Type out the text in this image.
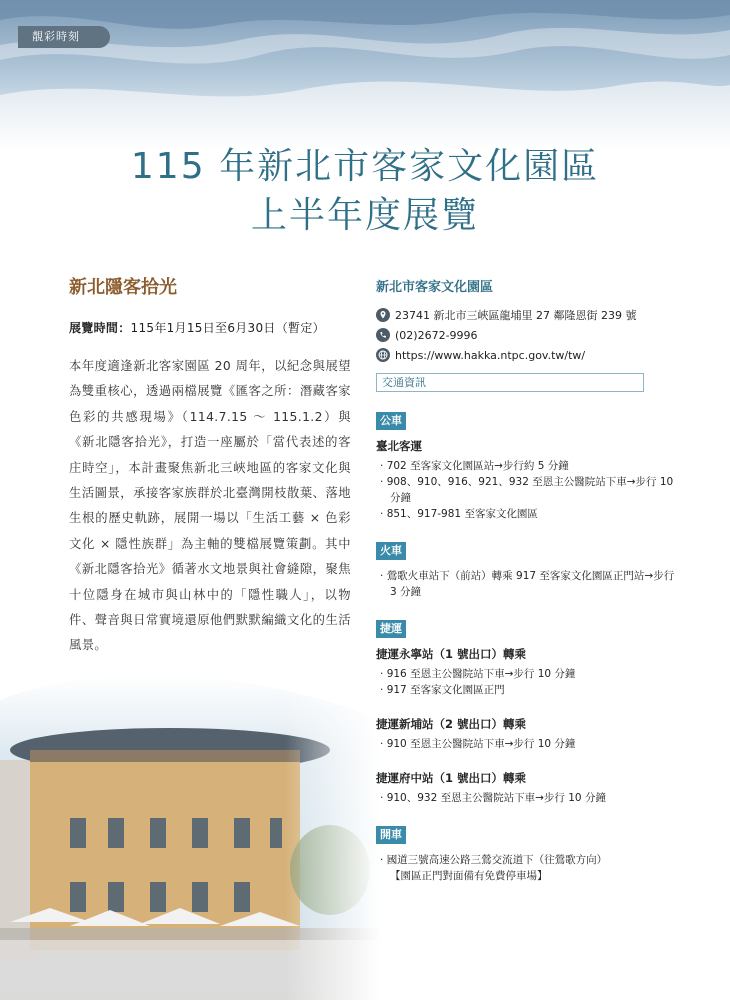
靚彩時刻
115 年新北市客家文化園區
上半年度展覽
新北隱客拾光
展覽時間：115年1月15日至6月30日（暫定）
本年度適逢新北客家園區 20 周年，以紀念與展望為雙重核心，透過兩檔展覽《匯客之所：潛藏客家色彩的共感現場》（114.7.15 ～ 115.1.2）與《新北隱客拾光》，打造一座屬於「當代表述的客庄時空」，本計畫聚焦新北三峽地區的客家文化與生活圖景，承接客家族群於北臺灣開枝散葉、落地生根的歷史軌跡，展開一場以「生活工藝 × 色彩文化 × 隱性族群」為主軸的雙檔展覽策劃。其中《新北隱客拾光》循著水文地景與社會縫隙，聚焦十位隱身在城市與山林中的「隱性職人」，以物件、聲音與日常實境還原他們默默編織文化的生活
新北市客家文化園區
23741 新北市三峽區龍埔里 27 鄰隆恩街 239 號
(02)2672-9996
https://www.hakka.ntpc.gov.tw/tw/
交通資訊
公車
臺北客運
· 702 至客家文化園區站→步行約 5 分鐘
· 908、910、916、921、932 至恩主公醫院站下車→步行 10 分鐘
· 851、917-981 至客家文化園區
火車
· 鶯歌火車站下（前站）轉乘 917 至客家文化園區正門站→步行 3 分鐘
捷運
捷運永寧站（1 號出口）轉乘
· 916 至恩主公醫院站下車→步行 10 分鐘
· 917 至客家文化園區正門
捷運新埔站（2 號出口）轉乘
· 910 至恩主公醫院站下車→步行 10 分鐘
捷運府中站（1 號出口）轉乘
· 910、932 至恩主公醫院站下車→步行 10 分鐘
開車
· 國道三號高速公路三鶯交流道下（往鶯歌方向）
【園區正門對面備有免費停車場】
